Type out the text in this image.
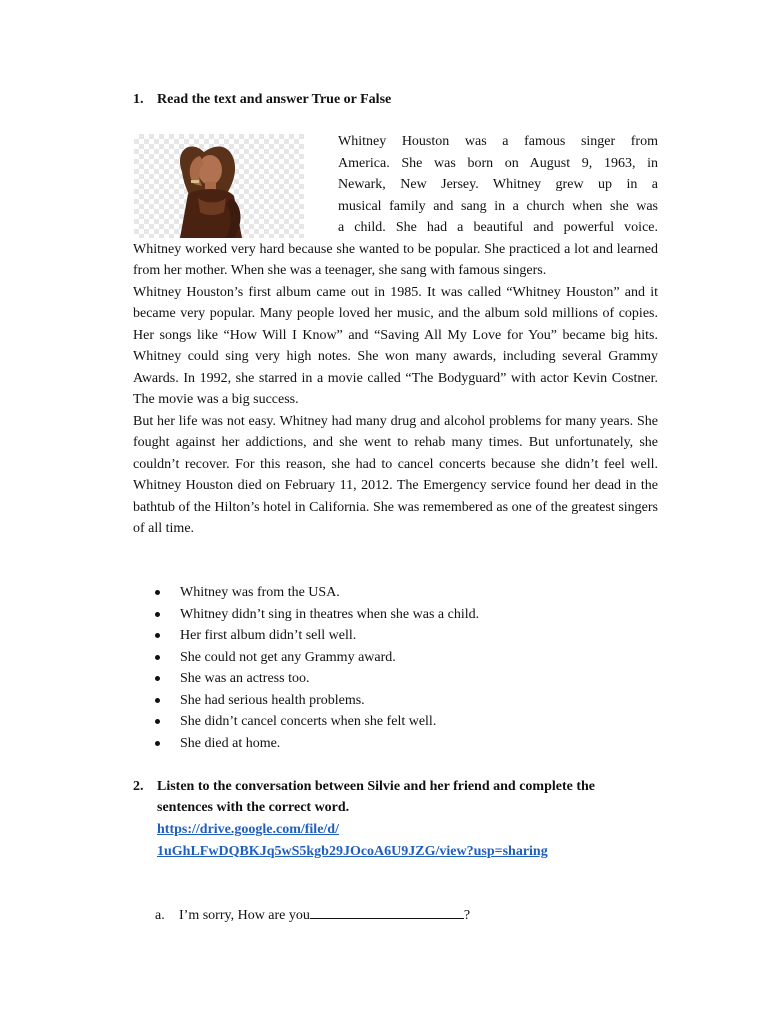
1. Read the text and answer True or False
Whitney Houston was a famous singer from
America. She was born on August 9, 1963, in
Newark, New Jersey. Whitney grew up in a
musical family and sang in a church when she was
a child. She had a beautiful and powerful voice.

Whitney worked very hard because she wanted to be popular. She practiced a lot and learned from her mother. When she was a teenager, she sang with famous singers.

Whitney Houston’s first album came out in 1985. It was called “Whitney Houston” and it became very popular. Many people loved her music, and the album sold millions of copies. Her songs like “How Will I Know” and “Saving All My Love for You” became big hits. Whitney could sing very high notes. She won many awards, including several Grammy Awards. In 1992, she starred in a movie called “The Bodyguard” with actor Kevin Costner. The movie was a big success.

But her life was not easy. Whitney had many drug and alcohol problems for many years. She fought against her addictions, and she went to rehab many times. But unfortunately, she couldn’t recover. For this reason, she had to cancel concerts because she didn’t feel well. Whitney Houston died on February 11, 2012. The Emergency service found her dead in the bathtub of the Hilton’s hotel in California. She was remembered as one of the greatest singers of all time.

Whitney was from the USA.
Whitney didn’t sing in theatres when she was a child.
Her first album didn’t sell well.
She could not get any Grammy award.
She was an actress too.
She had serious health problems.
She didn’t cancel concerts when she felt well.
She died at home.
2. Listen to the conversation between Silvie and her friend and complete the
sentences with the correct word.
https://drive.google.com/file/d/
1uGhLFwDQBKJq5wS5kgb29JOcoA6U9JZG/view?usp=sharing
a. I’m sorry, How are you	?
